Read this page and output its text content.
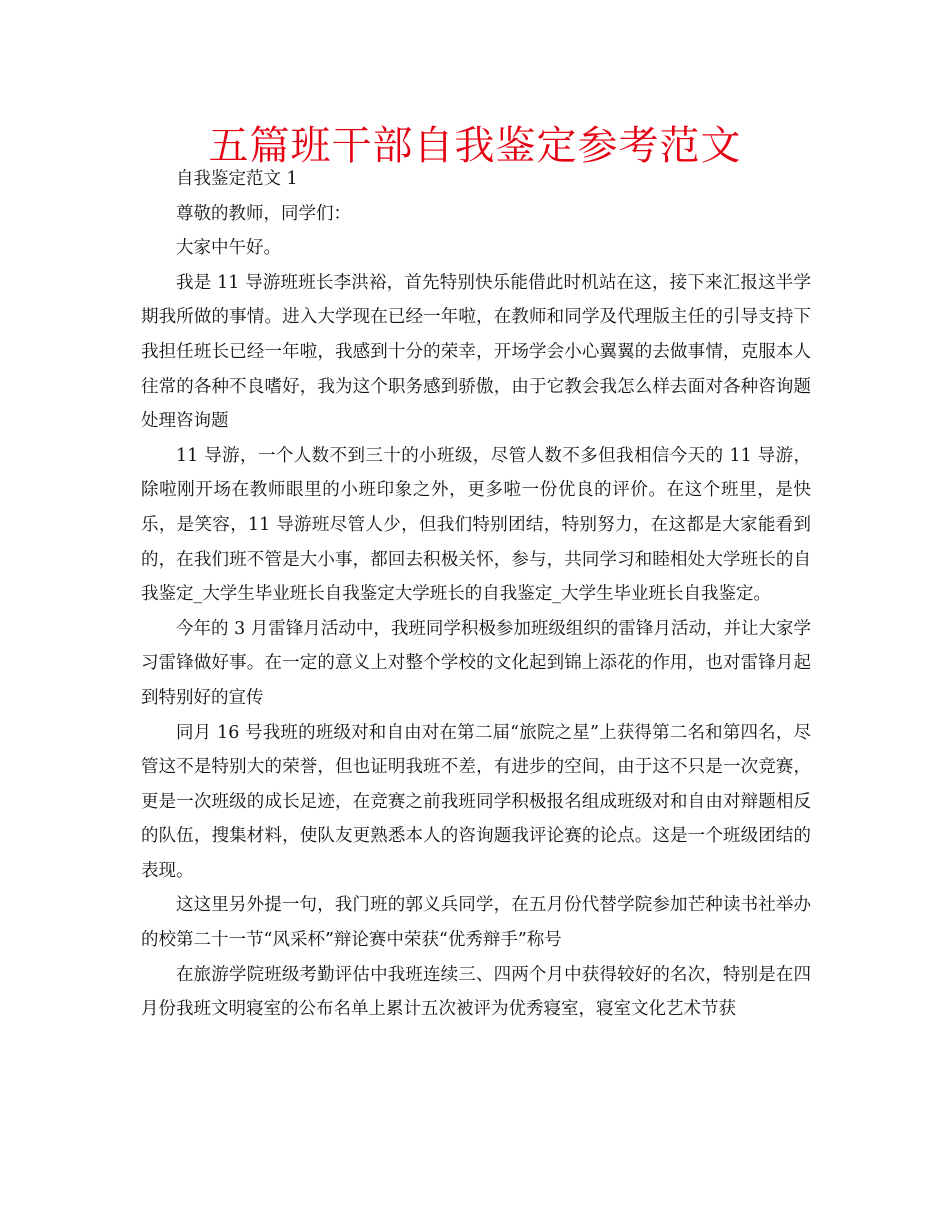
五篇班干部自我鉴定参考范文

自我鉴定范文 1

尊敬的教师，同学们：

大家中午好。

我是 11 导游班班长李洪裕，首先特别快乐能借此时机站在这，接下来汇报这半学期我所做的事情。进入大学现在已经一年啦，在教师和同学及代理版主任的引导支持下我担任班长已经一年啦，我感到十分的荣幸，开场学会小心翼翼的去做事情，克服本人往常的各种不良嗜好，我为这个职务感到骄傲，由于它教会我怎么样去面对各种咨询题处理咨询题

11 导游，一个人数不到三十的小班级，尽管人数不多但我相信今天的 11 导游，除啦刚开场在教师眼里的小班印象之外，更多啦一份优良的评价。在这个班里，是快乐，是笑容，11 导游班尽管人少，但我们特别团结，特别努力，在这都是大家能看到的，在我们班不管是大小事，都回去积极关怀，参与，共同学习和睦相处大学班长的自我鉴定_大学生毕业班长自我鉴定大学班长的自我鉴定_大学生毕业班长自我鉴定。

今年的 3 月雷锋月活动中，我班同学积极参加班级组织的雷锋月活动，并让大家学习雷锋做好事。在一定的意义上对整个学校的文化起到锦上添花的作用，也对雷锋月起到特别好的宣传

同月 16 号我班的班级对和自由对在第二届“旅院之星”上获得第二名和第四名，尽管这不是特别大的荣誉，但也证明我班不差，有进步的空间，由于这不只是一次竞赛，更是一次班级的成长足迹，在竞赛之前我班同学积极报名组成班级对和自由对辩题相反的队伍，搜集材料，使队友更熟悉本人的咨询题我评论赛的论点。这是一个班级团结的表现。

这这里另外提一句，我门班的郭义兵同学，在五月份代替学院参加芒种读书社举办的校第二十一节“风采杯”辩论赛中荣获“优秀辩手”称号

在旅游学院班级考勤评估中我班连续三、四两个月中获得较好的名次，特别是在四月份我班文明寝室的公布名单上累计五次被评为优秀寝室，寝室文化艺术节获
